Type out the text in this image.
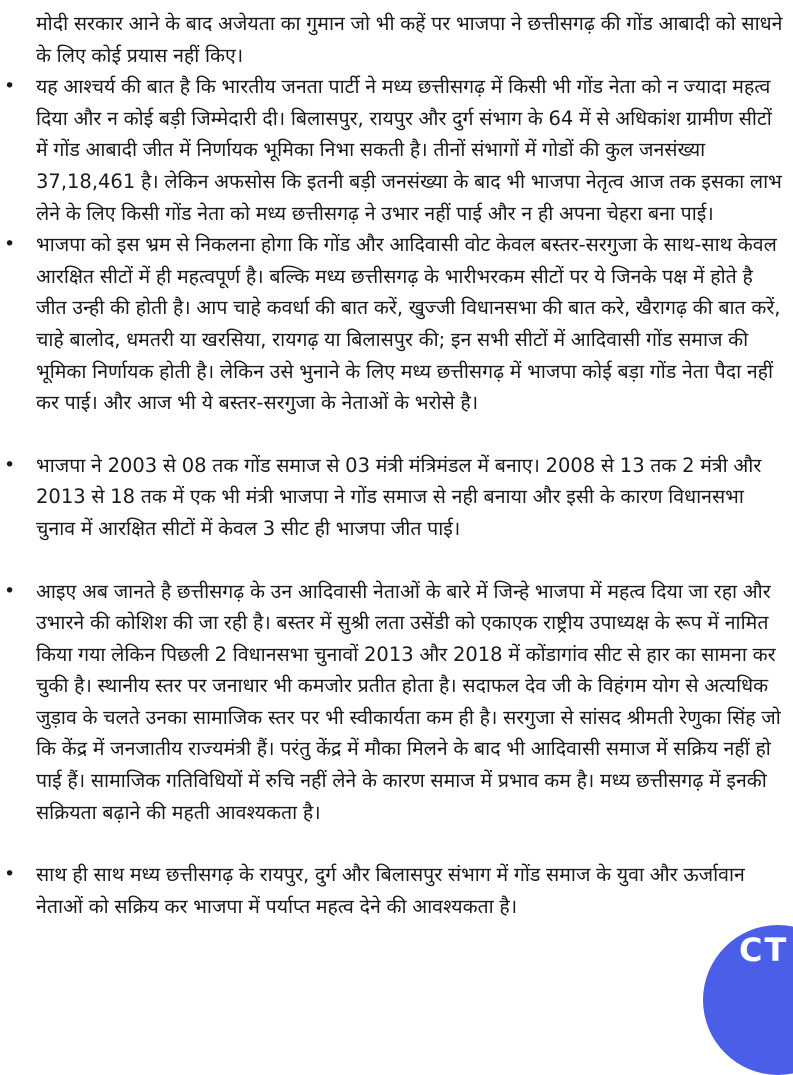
मोदी सरकार आने के बाद अजेयता का गुमान जो भी कहें पर भाजपा ने छत्तीसगढ़ की गोंड आबादी को साधने के लिए कोई प्रयास नहीं किए।

• यह आश्चर्य की बात है कि भारतीय जनता पार्टी ने मध्य छत्तीसगढ़ में किसी भी गोंड नेता को न ज्यादा महत्व दिया और न कोई बड़ी जिम्मेदारी दी। बिलासपुर, रायपुर और दुर्ग संभाग के 64 में से अधिकांश ग्रामीण सीटों में गोंड आबादी जीत में निर्णायक भूमिका निभा सकती है। तीनों संभागों में गोडों की कुल जनसंख्या 37,18,461 है। लेकिन अफसोस कि इतनी बड़ी जनसंख्या के बाद भी भाजपा नेतृत्व आज तक इसका लाभ लेने के लिए किसी गोंड नेता को मध्य छत्तीसगढ़ ने उभार नहीं पाई और न ही अपना चेहरा बना पाई।

• भाजपा को इस भ्रम से निकलना होगा कि गोंड और आदिवासी वोट केवल बस्तर-सरगुजा के साथ-साथ केवल आरक्षित सीटों में ही महत्वपूर्ण है। बल्कि मध्य छत्तीसगढ़ के भारीभरकम सीटों पर ये जिनके पक्ष में होते है जीत उन्ही की होती है। आप चाहे कवर्धा की बात करें, खुज्जी विधानसभा की बात करे, खैरागढ़ की बात करें, चाहे बालोद, धमतरी या खरसिया, रायगढ़ या बिलासपुर की; इन सभी सीटों में आदिवासी गोंड समाज की भूमिका निर्णायक होती है। लेकिन उसे भुनाने के लिए मध्य छत्तीसगढ़ में भाजपा कोई बड़ा गोंड नेता पैदा नहीं कर पाई। और आज भी ये बस्तर-सरगुजा के नेताओं के भरोसे है।

• भाजपा ने 2003 से 08 तक गोंड समाज से 03 मंत्री मंत्रिमंडल में बनाए। 2008 से 13 तक 2 मंत्री और 2013 से 18 तक में एक भी मंत्री भाजपा ने गोंड समाज से नही बनाया और इसी के कारण विधानसभा चुनाव में आरक्षित सीटों में केवल 3 सीट ही भाजपा जीत पाई।

• आइए अब जानते है छत्तीसगढ़ के उन आदिवासी नेताओं के बारे में जिन्हे भाजपा में महत्व दिया जा रहा और उभारने की कोशिश की जा रही है। बस्तर में सुश्री लता उसेंडी को एकाएक राष्ट्रीय उपाध्यक्ष के रूप में नामित किया गया लेकिन पिछली 2 विधानसभा चुनावों 2013 और 2018 में कोंडागांव सीट से हार का सामना कर चुकी है। स्थानीय स्तर पर जनाधार भी कमजोर प्रतीत होता है। सदाफल देव जी के विहंगम योग से अत्यधिक जुड़ाव के चलते उनका सामाजिक स्तर पर भी स्वीकार्यता कम ही है। सरगुजा से सांसद श्रीमती रेणुका सिंह जो कि केंद्र में जनजातीय राज्यमंत्री हैं। परंतु केंद्र में मौका मिलने के बाद भी आदिवासी समाज में सक्रिय नहीं हो पाई हैं। सामाजिक गतिविधियों में रुचि नहीं लेने के कारण समाज में प्रभाव कम है। मध्य छत्तीसगढ़ में इनकी सक्रियता बढ़ाने की महती आवश्यकता है।

• साथ ही साथ मध्य छत्तीसगढ़ के रायपुर, दुर्ग और बिलासपुर संभाग में गोंड समाज के युवा और ऊर्जावान नेताओं को सक्रिय कर भाजपा में पर्याप्त महत्व देने की आवश्यकता है।

CT
